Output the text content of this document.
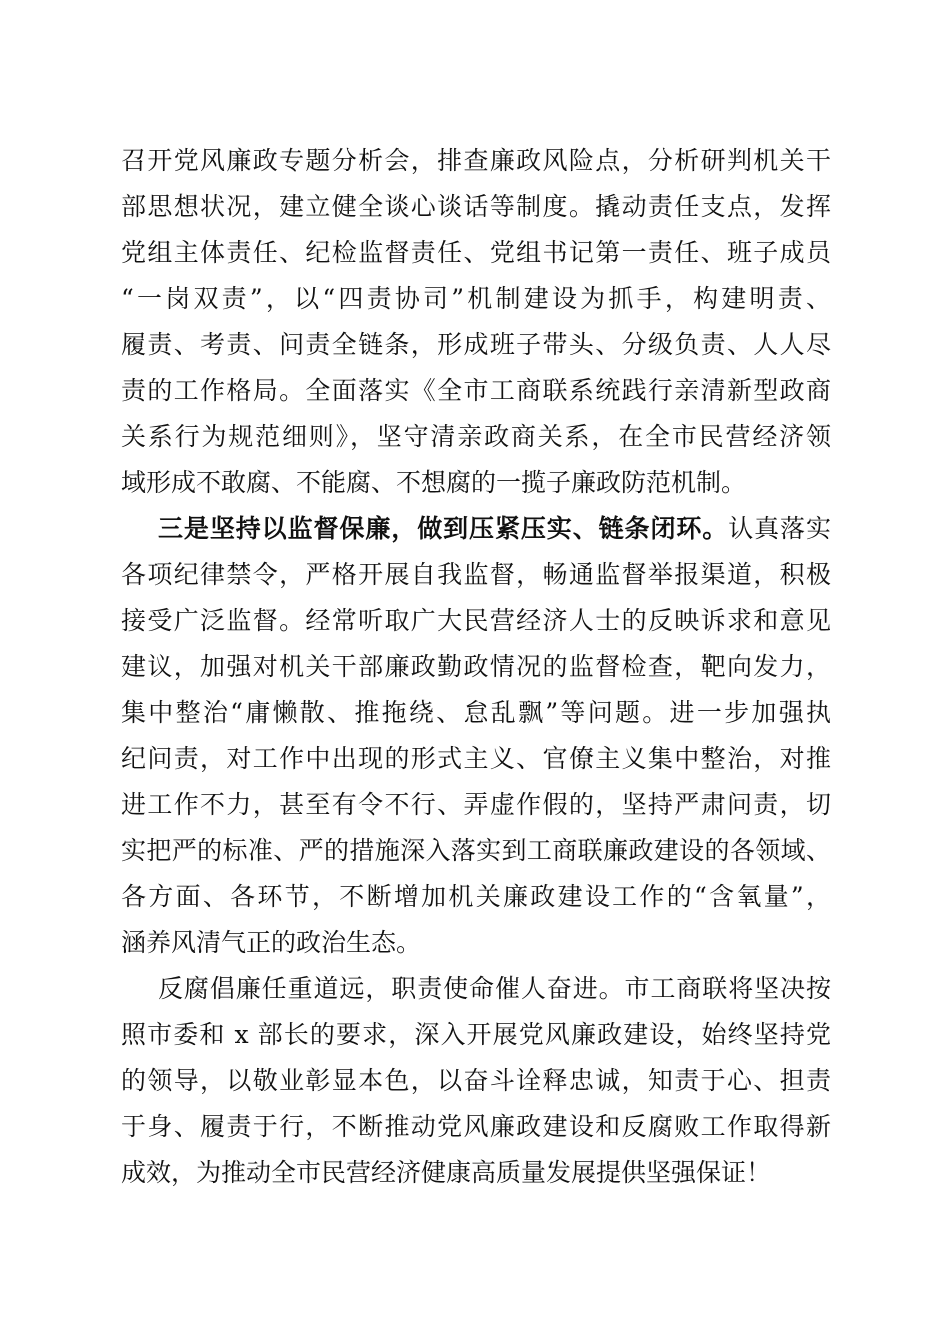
召开党风廉政专题分析会，排查廉政风险点，分析研判机关干
部思想状况，建立健全谈心谈话等制度。撬动责任支点，发挥
党组主体责任、纪检监督责任、党组书记第一责任、班子成员
“一岗双责”，以“四责协司”机制建设为抓手，构建明责、
履责、考责、问责全链条，形成班子带头、分级负责、人人尽
责的工作格局。全面落实《全市工商联系统践行亲清新型政商
关系行为规范细则》，坚守清亲政商关系，在全市民营经济领
域形成不敢腐、不能腐、不想腐的一揽子廉政防范机制。
三是坚持以监督保廉，做到压紧压实、链条闭环。认真落实
各项纪律禁令，严格开展自我监督，畅通监督举报渠道，积极
接受广泛监督。经常听取广大民营经济人士的反映诉求和意见
建议，加强对机关干部廉政勤政情况的监督检查，靶向发力，
集中整治“庸懒散、推拖绕、怠乱飘”等问题。进一步加强执
纪问责，对工作中出现的形式主义、官僚主义集中整治，对推
进工作不力，甚至有令不行、弄虚作假的，坚持严肃问责，切
实把严的标准、严的措施深入落实到工商联廉政建设的各领域、
各方面、各环节，不断增加机关廉政建设工作的“含氧量”，
涵养风清气正的政治生态。
反腐倡廉任重道远，职责使命催人奋进。市工商联将坚决按
照市委和 x 部长的要求，深入开展党风廉政建设，始终坚持党
的领导，以敬业彰显本色，以奋斗诠释忠诚，知责于心、担责
于身、履责于行，不断推动党风廉政建设和反腐败工作取得新
成效，为推动全市民营经济健康高质量发展提供坚强保证！
